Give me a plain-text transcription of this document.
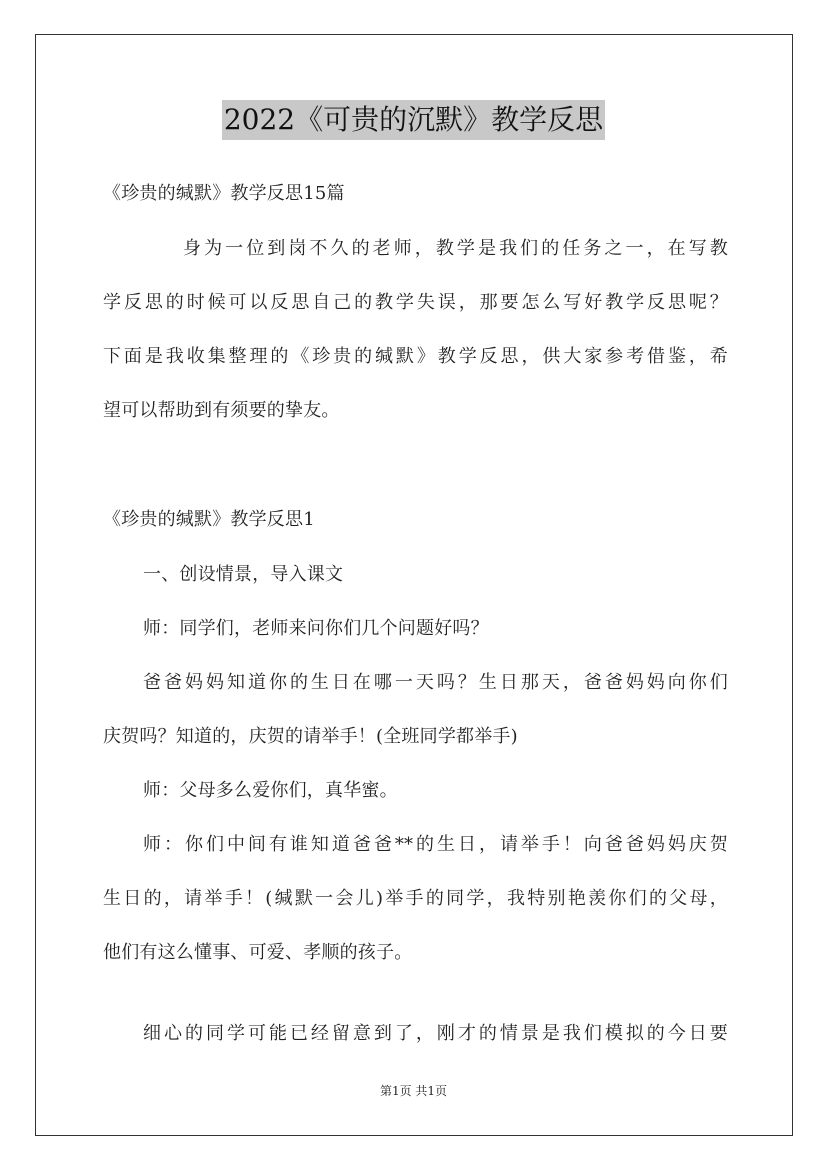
2022《可贵的沉默》教学反思
《珍贵的缄默》教学反思15篇
身为一位到岗不久的老师，教学是我们的任务之一，在写教
学反思的时候可以反思自己的教学失误，那要怎么写好教学反思呢？
下面是我收集整理的《珍贵的缄默》教学反思，供大家参考借鉴，希
望可以帮助到有须要的挚友。
《珍贵的缄默》教学反思1
一、创设情景，导入课文
师：同学们，老师来问你们几个问题好吗？
爸爸妈妈知道你的生日在哪一天吗？生日那天，爸爸妈妈向你们
庆贺吗？知道的，庆贺的请举手！(全班同学都举手)
师：父母多么爱你们，真华蜜。
师：你们中间有谁知道爸爸**的生日，请举手！向爸爸妈妈庆贺
生日的，请举手！(缄默一会儿)举手的同学，我特别艳羡你们的父母，
他们有这么懂事、可爱、孝顺的孩子。
细心的同学可能已经留意到了，刚才的情景是我们模拟的今日要
第1页 共1页
